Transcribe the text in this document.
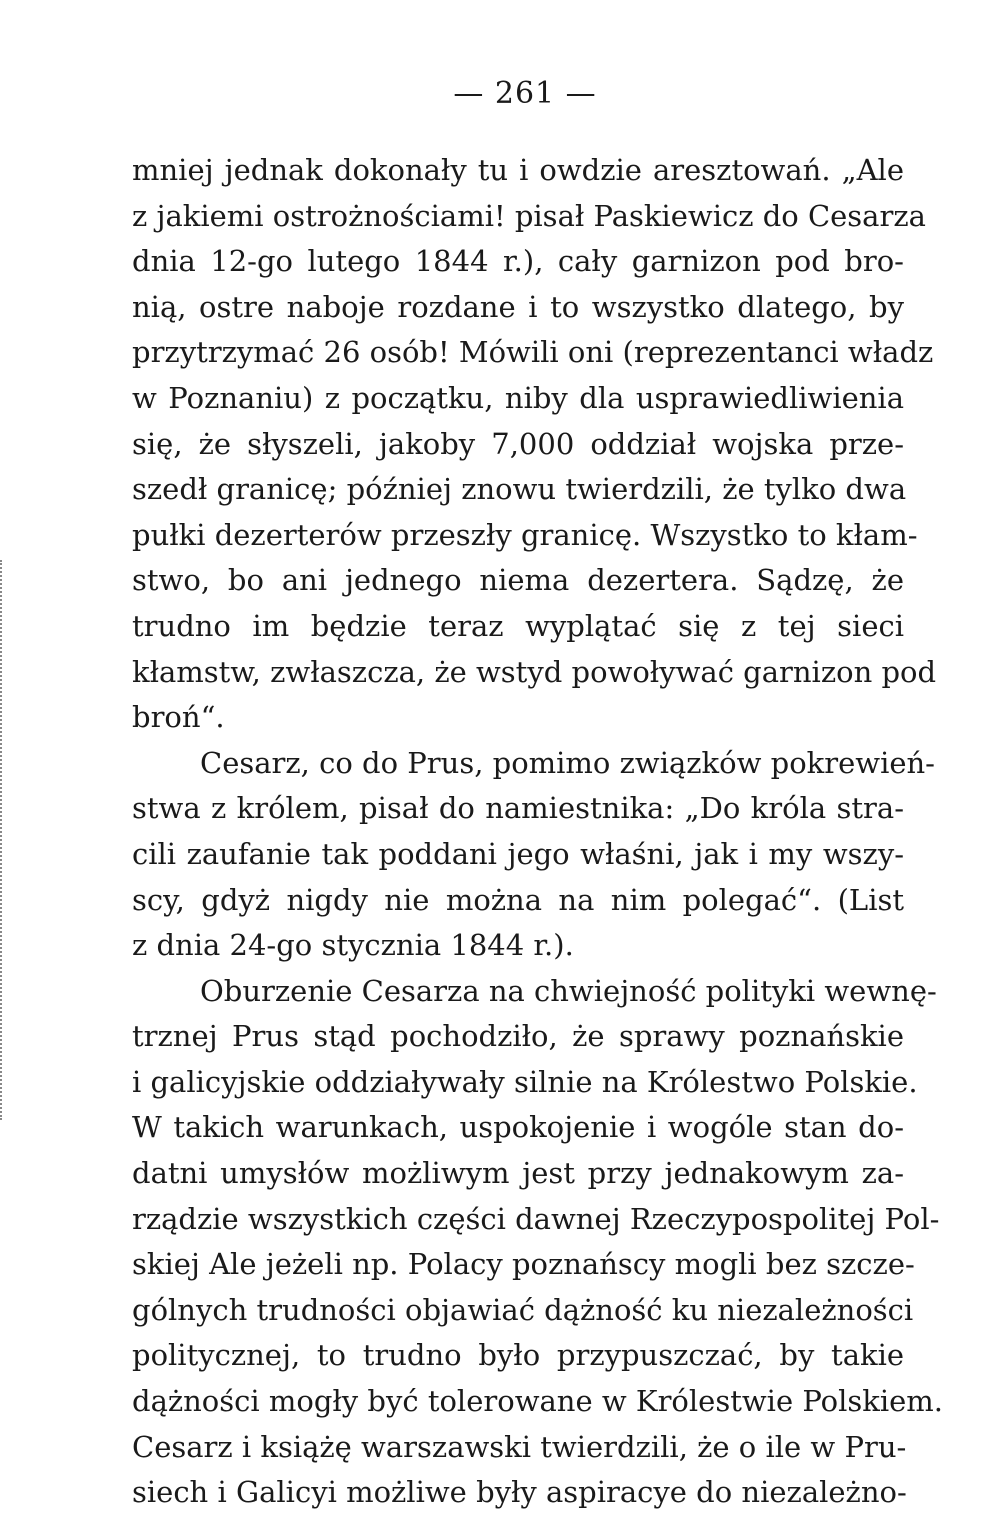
— 261 —
mniej jednak dokonały tu i owdzie aresztowań. „Ale
z jakiemi ostrożnościami! pisał Paskiewicz do Cesarza
dnia 12-go lutego 1844 r.), cały garnizon pod bro-
nią, ostre naboje rozdane i to wszystko dlatego, by
przytrzymać 26 osób! Mówili oni (reprezentanci władz
w Poznaniu) z początku, niby dla usprawiedliwienia
się, że słyszeli, jakoby 7,000 oddział wojska prze-
szedł granicę; później znowu twierdzili, że tylko dwa
pułki dezerterów przeszły granicę. Wszystko to kłam-
stwo, bo ani jednego niema dezertera. Sądzę, że
trudno im będzie teraz wyplątać się z tej sieci
kłamstw, zwłaszcza, że wstyd powoływać garnizon pod
broń“.
Cesarz, co do Prus, pomimo związków pokrewień-
stwa z królem, pisał do namiestnika: „Do króla stra-
cili zaufanie tak poddani jego właśni, jak i my wszy-
scy, gdyż nigdy nie można na nim polegać“. (List
z dnia 24-go stycznia 1844 r.).
Oburzenie Cesarza na chwiejność polityki wewnę-
trznej Prus stąd pochodziło, że sprawy poznańskie
i galicyjskie oddziaływały silnie na Królestwo Polskie.
W takich warunkach, uspokojenie i wogóle stan do-
datni umysłów możliwym jest przy jednakowym za-
rządzie wszystkich części dawnej Rzeczypospolitej Pol-
skiej Ale jeżeli np. Polacy poznańscy mogli bez szcze-
gólnych trudności objawiać dążność ku niezależności
politycznej, to trudno było przypuszczać, by takie
dążności mogły być tolerowane w Królestwie Polskiem.
Cesarz i książę warszawski twierdzili, że o ile w Pru-
siech i Galicyi możliwe były aspiracye do niezależno-
